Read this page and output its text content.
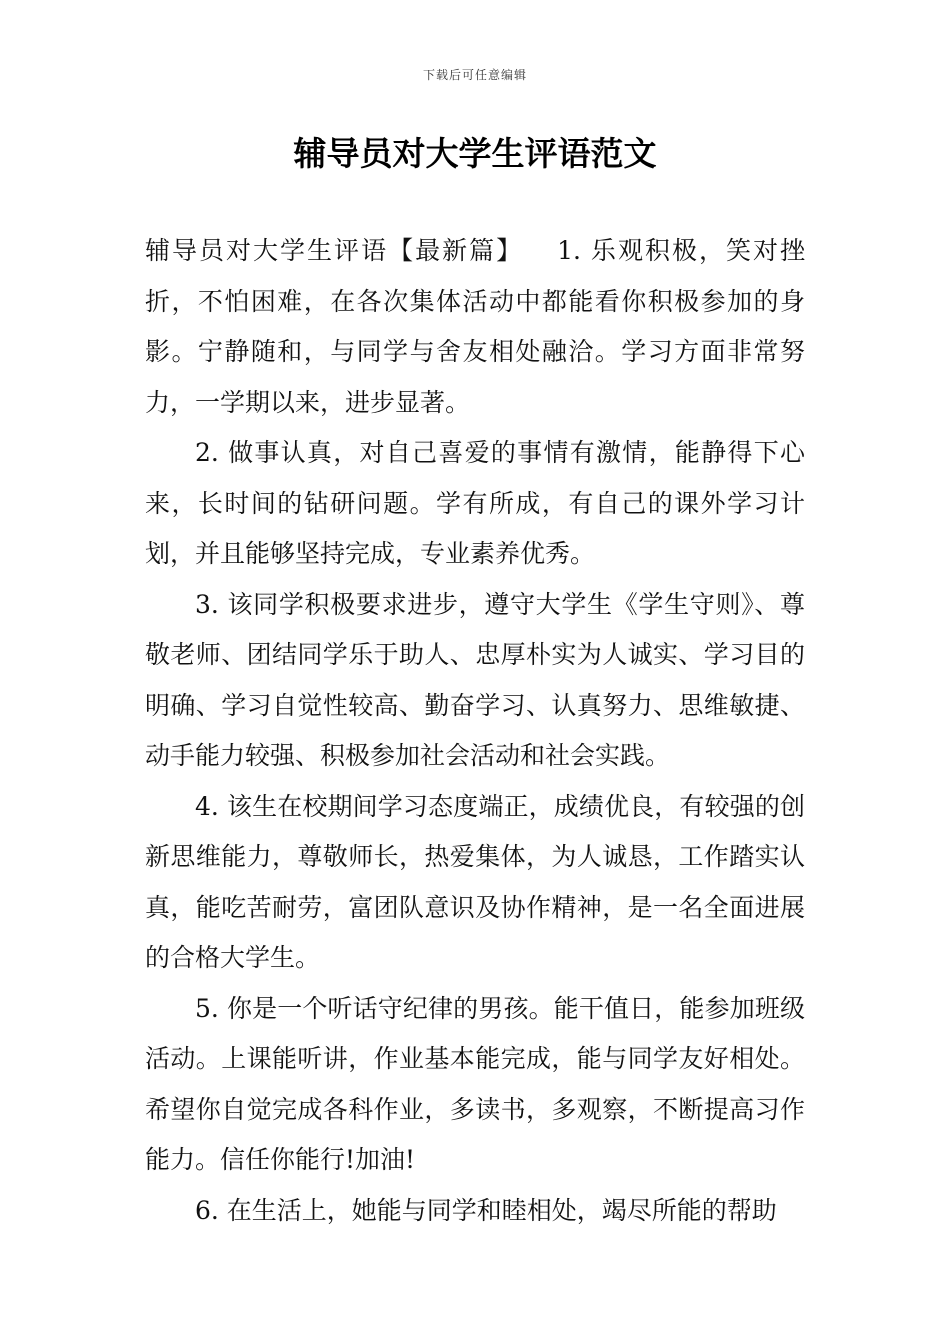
下载后可任意编辑
辅导员对大学生评语范文

辅导员对大学生评语【最新篇】 1. 乐观积极，笑对挫折，不怕困难，在各次集体活动中都能看你积极参加的身影。宁静随和，与同学与舍友相处融洽。学习方面非常努力，一学期以来，进步显著。

2. 做事认真，对自己喜爱的事情有激情，能静得下心来，长时间的钻研问题。学有所成，有自己的课外学习计划，并且能够坚持完成，专业素养优秀。

3. 该同学积极要求进步，遵守大学生《学生守则》、尊敬老师、团结同学乐于助人、忠厚朴实为人诚实、学习目的明确、学习自觉性较高、勤奋学习、认真努力、思维敏捷、动手能力较强、积极参加社会活动和社会实践。

4. 该生在校期间学习态度端正，成绩优良，有较强的创新思维能力，尊敬师长，热爱集体，为人诚恳，工作踏实认真，能吃苦耐劳，富团队意识及协作精神，是一名全面进展的合格大学生。

5. 你是一个听话守纪律的男孩。能干值日，能参加班级活动。上课能听讲，作业基本能完成，能与同学友好相处。希望你自觉完成各科作业，多读书，多观察，不断提高习作能力。信任你能行!加油!

6. 在生活上，她能与同学和睦相处，竭尽所能的帮助
